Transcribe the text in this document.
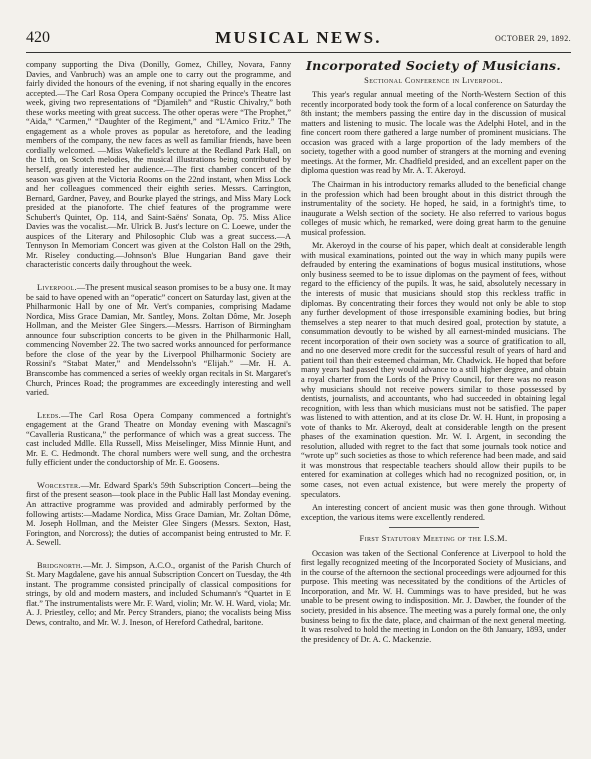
420	MUSICAL NEWS.	OCTOBER 29, 1892.

company supporting the Diva (Donilly, Gomez, Chilley, Novara, Fanny Davies, and Vanbruch) was an ample one to carry out the programme, and fairly divided the honours of the evening, if not sharing equally in the encores accepted.—The Carl Rosa Opera Company occupied the Prince's Theatre last week, giving two representations of “Djamileh” and “Rustic Chivalry,” both these works meeting with great success. The other operas were “The Prophet,” “Aida,” “Carmen,” “Daughter of the Regiment,” and “L'Amico Fritz.” The engagement as a whole proves as popular as heretofore, and the leading members of the company, the new faces as well as familiar friends, have been cordially welcomed. —Miss Wakefield's lecture at the Redland Park Hall, on the 11th, on Scotch melodies, the musical illustrations being contributed by herself, greatly interested her audience.—The first chamber concert of the season was given at the Victoria Rooms on the 22nd instant, when Miss Lock and her colleagues commenced their eighth series. Messrs. Carrington, Bernard, Gardner, Pavey, and Bourke played the strings, and Miss Mary Lock presided at the pianoforte. The chief features of the programme were Schubert's Quintet, Op. 114, and Saint-Saëns' Sonata, Op. 75. Miss Alice Davies was the vocalist.—Mr. Ulrick B. Just's lecture on C. Loewe, under the auspices of the Literary and Philosophic Club was a great success.—A Tennyson In Memoriam Concert was given at the Colston Hall on the 29th, Mr. Riseley conducting.—Johnson's Blue Hungarian Band gave their characteristic concerts daily throughout the week.

Liverpool.—The present musical season promises to be a busy one. It may be said to have opened with an “operatic” concert on Saturday last, given at the Philharmonic Hall by one of Mr. Vert's companies, comprising Madame Nordica, Miss Grace Damian, Mr. Santley, Mons. Zoltan Dôme, Mr. Joseph Hollman, and the Meister Glee Singers.—Messrs. Harrison of Birmingham announce four subscription concerts to be given in the Philharmonic Hall, commencing November 22. The two sacred works announced for performance before the close of the year by the Liverpool Philharmonic Society are Rossini's “Stabat Mater,” and Mendelssohn's “Elijah.” —Mr. H. A. Branscombe has commenced a series of weekly organ recitals in St. Margaret's Church, Princes Road; the programmes are exceedingly interesting and well varied.

Leeds.—The Carl Rosa Opera Company commenced a fortnight's engagement at the Grand Theatre on Monday evening with Mascagni's “Cavalleria Rusticana,” the performance of which was a great success. The cast included Mdlle. Ella Russell, Miss Meiselinger, Miss Minnie Hunt, and Mr. E. C. Hedmondt. The choral numbers were well sung, and the orchestra fully efficient under the conductorship of Mr. E. Goosens.

Worcester.—Mr. Edward Spark's 59th Subscription Concert—being the first of the present season—took place in the Public Hall last Monday evening. An attractive programme was provided and admirably performed by the following artists:—Madame Nordica, Miss Grace Damian, Mr. Zoltan Dôme, M. Joseph Hollman, and the Meister Glee Singers (Messrs. Sexton, Hast, Forington, and Norcross); the duties of accompanist being entrusted to Mr. F. A. Sewell.

Bridgnorth.—Mr. J. Simpson, A.C.O., organist of the Parish Church of St. Mary Magdalene, gave his annual Subscription Concert on Tuesday, the 4th instant. The programme consisted principally of classical compositions for strings, by old and modern masters, and included Schumann's “Quartet in E flat.” The instrumentalists were Mr. F. Ward, violin; Mr. W. H. Ward, viola; Mr. A. J. Priestley, cello; and Mr. Percy Stranders, piano; the vocalists being Miss Dews, contralto, and Mr. W. J. Ineson, of Hereford Cathedral, baritone.

Incorporated Society of Musicians.
Sectional Conference in Liverpool.

This year's regular annual meeting of the North-Western Section of this recently incorporated body took the form of a local conference on Saturday the 8th instant; the members passing the entire day in the discussion of musical matters and listening to music. The locale was the Adelphi Hotel, and in the fine concert room there gathered a large number of prominent musicians. The occasion was graced with a large proportion of the lady members of the society, together with a good number of strangers at the morning and evening meetings. At the former, Mr. Chadfield presided, and an excellent paper on the diploma question was read by Mr. A. T. Akeroyd.

The Chairman in his introductory remarks alluded to the beneficial change in the profession which had been brought about in this district through the instrumentality of the society. He hoped, he said, in a fortnight's time, to inaugurate a Welsh section of the society. He also referred to various bogus colleges of music which, he remarked, were doing great harm to the genuine musical profession.

Mr. Akeroyd in the course of his paper, which dealt at considerable length with musical examinations, pointed out the way in which many pupils were defrauded by entering the examinations of bogus musical institutions, whose only business seemed to be to issue diplomas on the payment of fees, without regard to the efficiency of the pupils. It was, he said, absolutely necessary in the interests of music that musicians should stop this reckless traffic in diplomas. By concentrating their forces they would not only be able to stop any further development of those irresponsible examining bodies, but bring themselves a step nearer to that much desired goal, protection by statute, a consummation devoutly to be wished by all earnest-minded musicians. The recent incorporation of their own society was a source of gratification to all, and no one deserved more credit for the successful result of years of hard and patient toil than their esteemed chairman, Mr. Chadwick. He hoped that before many years had passed they would advance to a still higher degree, and obtain a royal charter from the Lords of the Privy Council, for there was no reason why musicians should not receive powers similar to those possessed by dentists, journalists, and accountants, who had succeeded in obtaining legal recognition, with less than which musicians must not be satisfied. The paper was listened to with attention, and at its close Dr. W. H. Hunt, in proposing a vote of thanks to Mr. Akeroyd, dealt at considerable length on the present phases of the examination question. Mr. W. I. Argent, in seconding the resolution, alluded with regret to the fact that some journals took notice and “wrote up” such societies as those to which reference had been made, and said it was monstrous that respectable teachers should allow their pupils to be entered for examination at colleges which had no recognized position, or, in some cases, not even actual existence, but were merely the property of speculators.

An interesting concert of ancient music was then gone through. Without exception, the various items were excellently rendered.

First Statutory Meeting of the I.S.M.

Occasion was taken of the Sectional Conference at Liverpool to hold the first legally recognized meeting of the Incorporated Society of Musicians, and in the course of the afternoon the sectional proceedings were adjourned for this purpose. This meeting was necessitated by the conditions of the Articles of Incorporation, and Mr. W. H. Cummings was to have presided, but he was unable to be present owing to indisposition. Mr. J. Dawber, the founder of the society, presided in his absence. The meeting was a purely formal one, the only business being to fix the date, place, and chairman of the next general meeting. It was resolved to hold the meeting in London on the 8th January, 1893, under the presidency of Dr. A. C. Mackenzie.
